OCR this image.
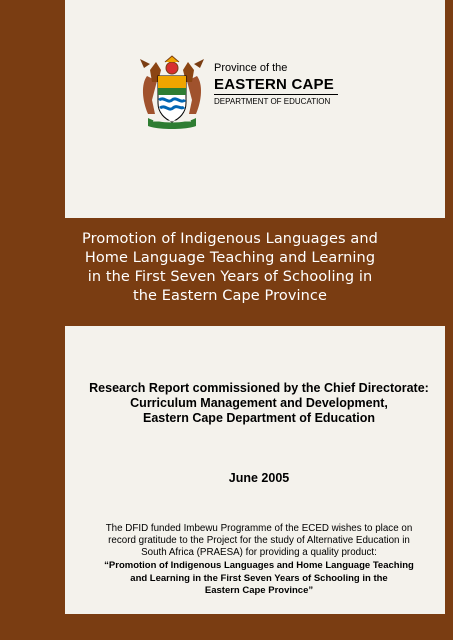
Province of the
EASTERN CAPE
DEPARTMENT OF EDUCATION
Promotion of Indigenous Languages and
Home Language Teaching and Learning
in the First Seven Years of Schooling in
the Eastern Cape Province
Research Report commissioned by the Chief Directorate:
Curriculum Management and Development,
Eastern Cape Department of Education
June 2005
The DFID funded Imbewu Programme of the ECED wishes to place on
record gratitude to the Project for the study of Alternative Education in
South Africa (PRAESA) for providing a quality product:
“Promotion of Indigenous Languages and Home Language Teaching
and Learning in the First Seven Years of Schooling in the
Eastern Cape Province”
